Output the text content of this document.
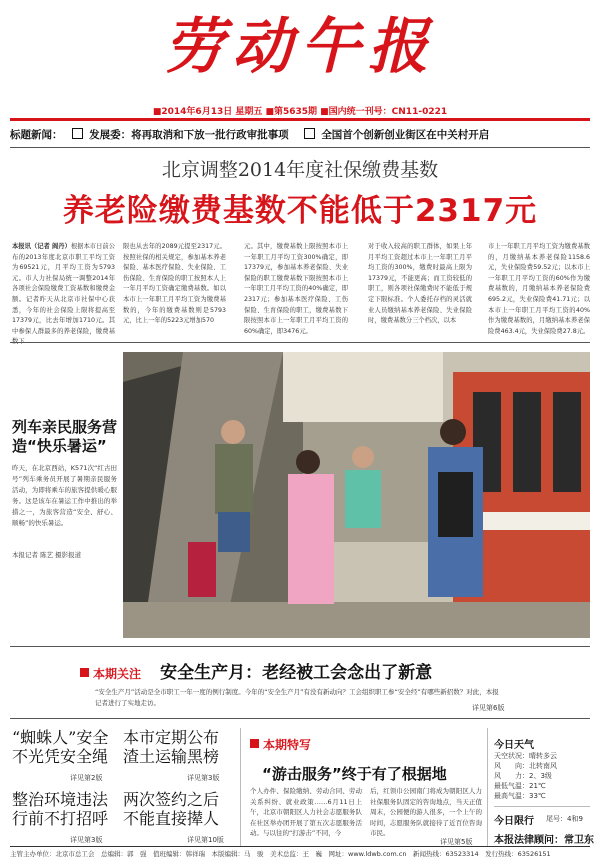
劳动午报
■2014年6月13日 星期五 ■第5635期 ■国内统一刊号：CN11-0221
标题新闻：	发展委：将再取消和下放一批行政审批事项	全国首个创新创业街区在中关村开启
北京调整2014年度社保缴费基数
养老险缴费基数不能低于2317元
本报讯（记者 阎丹）根据本市日前公布的2013年度北京市职工平均工资为69521元，月平均工资为5793元。市人力社保局统一调整2014年各项社会保险缴费工资基数和缴费金额。记者昨天从北京市社保中心获悉，今年的社会保险上限将提高至17379元，比去年增加1710元。其中参保人群最多的养老保险，缴费基
限也从去年的2089元提至2317元。按照社保的相关规定，参加基本养老保险、基本医疗保险、失业保险、工伤保险、生育保险的职工按照本人上一年月平均工资确定缴费基数。如以本市上一年职工月平均工资为缴费基数的，今年的缴费基数则是5793元，比上一年的5223元增加570
元。其中，缴费基数上限按照本市上一年职工月平均工资300%确定，即17379元，参加基本养老保险、失业保险的职工缴费基数下限按照本市上一年职工月平均工资的40%确定，即2317元；参加基本医疗保险、工伤保险、生育保险的职工，缴费基数下限按照本市上一年职工月平均工资的60%确定，即3476元。
对于收入较高的职工群体，如果上年月平均工资超过本市上一年职工月平均工资的300%，缴费时最高上限为17379元，不能更高；而工资较低的职工，则各项社保缴费时不能低于规定下限标准。个人委托存档的灵活就业人员缴纳基本养老保险、失业保险时，缴费基数分三个档次，以本
市上一年职工月平均工资为缴费基数的，月缴纳基本养老保险1158.6元，失业保险费59.52元；以本市上一年职工月平均工资的60%作为缴费基数的，月缴纳基本养老保险费695.2元，失业保险费41.71元；以本市上一年职工月平均工资的40%作为缴费基数的，月缴纳基本养老保险费463.4元，失业保险费27.8元。
列车亲民服务营造“快乐暑运”
昨天，在北京西站，K571次“红古田号”列车乘务员开展了暑期亲民服务活动，为即将乘车的旅客提供暖心服务。这是该车在暑运工作中推出的举措之一，为旅客营造“安全、舒心、顺畅”的快乐暑运。
本报记者 陈艺 摄影报道
本期关注 安全生产月：老经被工会念出了新意
“安全生产月”活动是全市职工一年一度的例行制度。今年的“安全生产月”有没有新动向？工会组织职工参“安全经”有哪些新招数？对此，本报记者进行了实地走访。
详见第6版
“蜘蛛人”安全不光凭安全绳
详见第2版
本市定期公布渣土运输黑榜
详见第3版
整治环境违法行前不打招呼
详见第3版
两次签约之后不能直接撵人
详见第10版
本期特写
“游击服务”终于有了根据地
个人办件、保险缴纳、劳动合同、劳动关系纠纷、就业政策……6月11日上午，北京市朝阳区人力社会志愿服务队在社区举办团开展了第五次志愿服务活动。与以往的“打游击”不同，今
后，红领巾公园南门将成为朝阳区人力社保服务队固定的咨询地点，当天正值周末，公园便的游人很多，一个上午的时间，志愿服务队就接待了近百位咨询市民。
详见第5版
今日天气
天空状况：晴转多云
风　　向：北转南风
风　　力：2、3级
最低气温：21℃
最高气温：33℃
今日限行 尾号：4和9
本报法律顾问：常卫东
主管主办单位：北京市总工会　总编辑：郭　强　值班编辑：韩祥瑞　本版编辑：马　骏　美术总监：王　巍　网址：www.ldwb.com.cn　新闻热线：63523314　发行热线：63526151
